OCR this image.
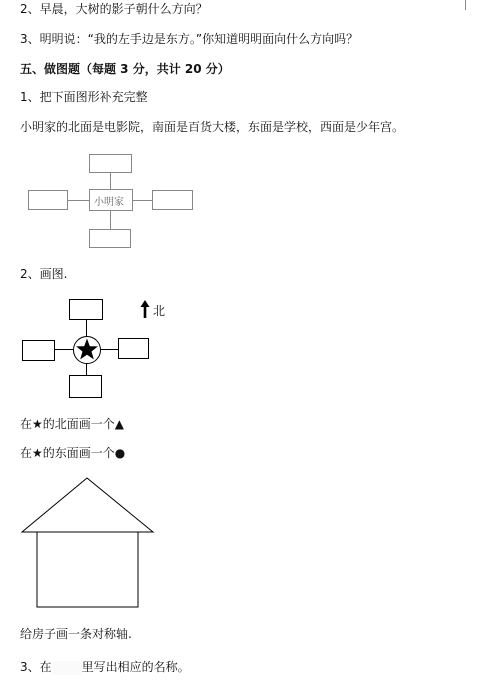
2、早晨，大树的影子朝什么方向？
3、明明说：“我的左手边是东方。”你知道明明面向什么方向吗？
五、做图题（每题 3 分，共计 20 分）
1、把下面图形补充完整
小明家的北面是电影院，南面是百货大楼，东面是学校，西面是少年宫。
小明家
2、画图.
北
在★的北面画一个▲
在★的东面画一个●
给房子画一条对称轴.
3、在	里写出相应的名称。
